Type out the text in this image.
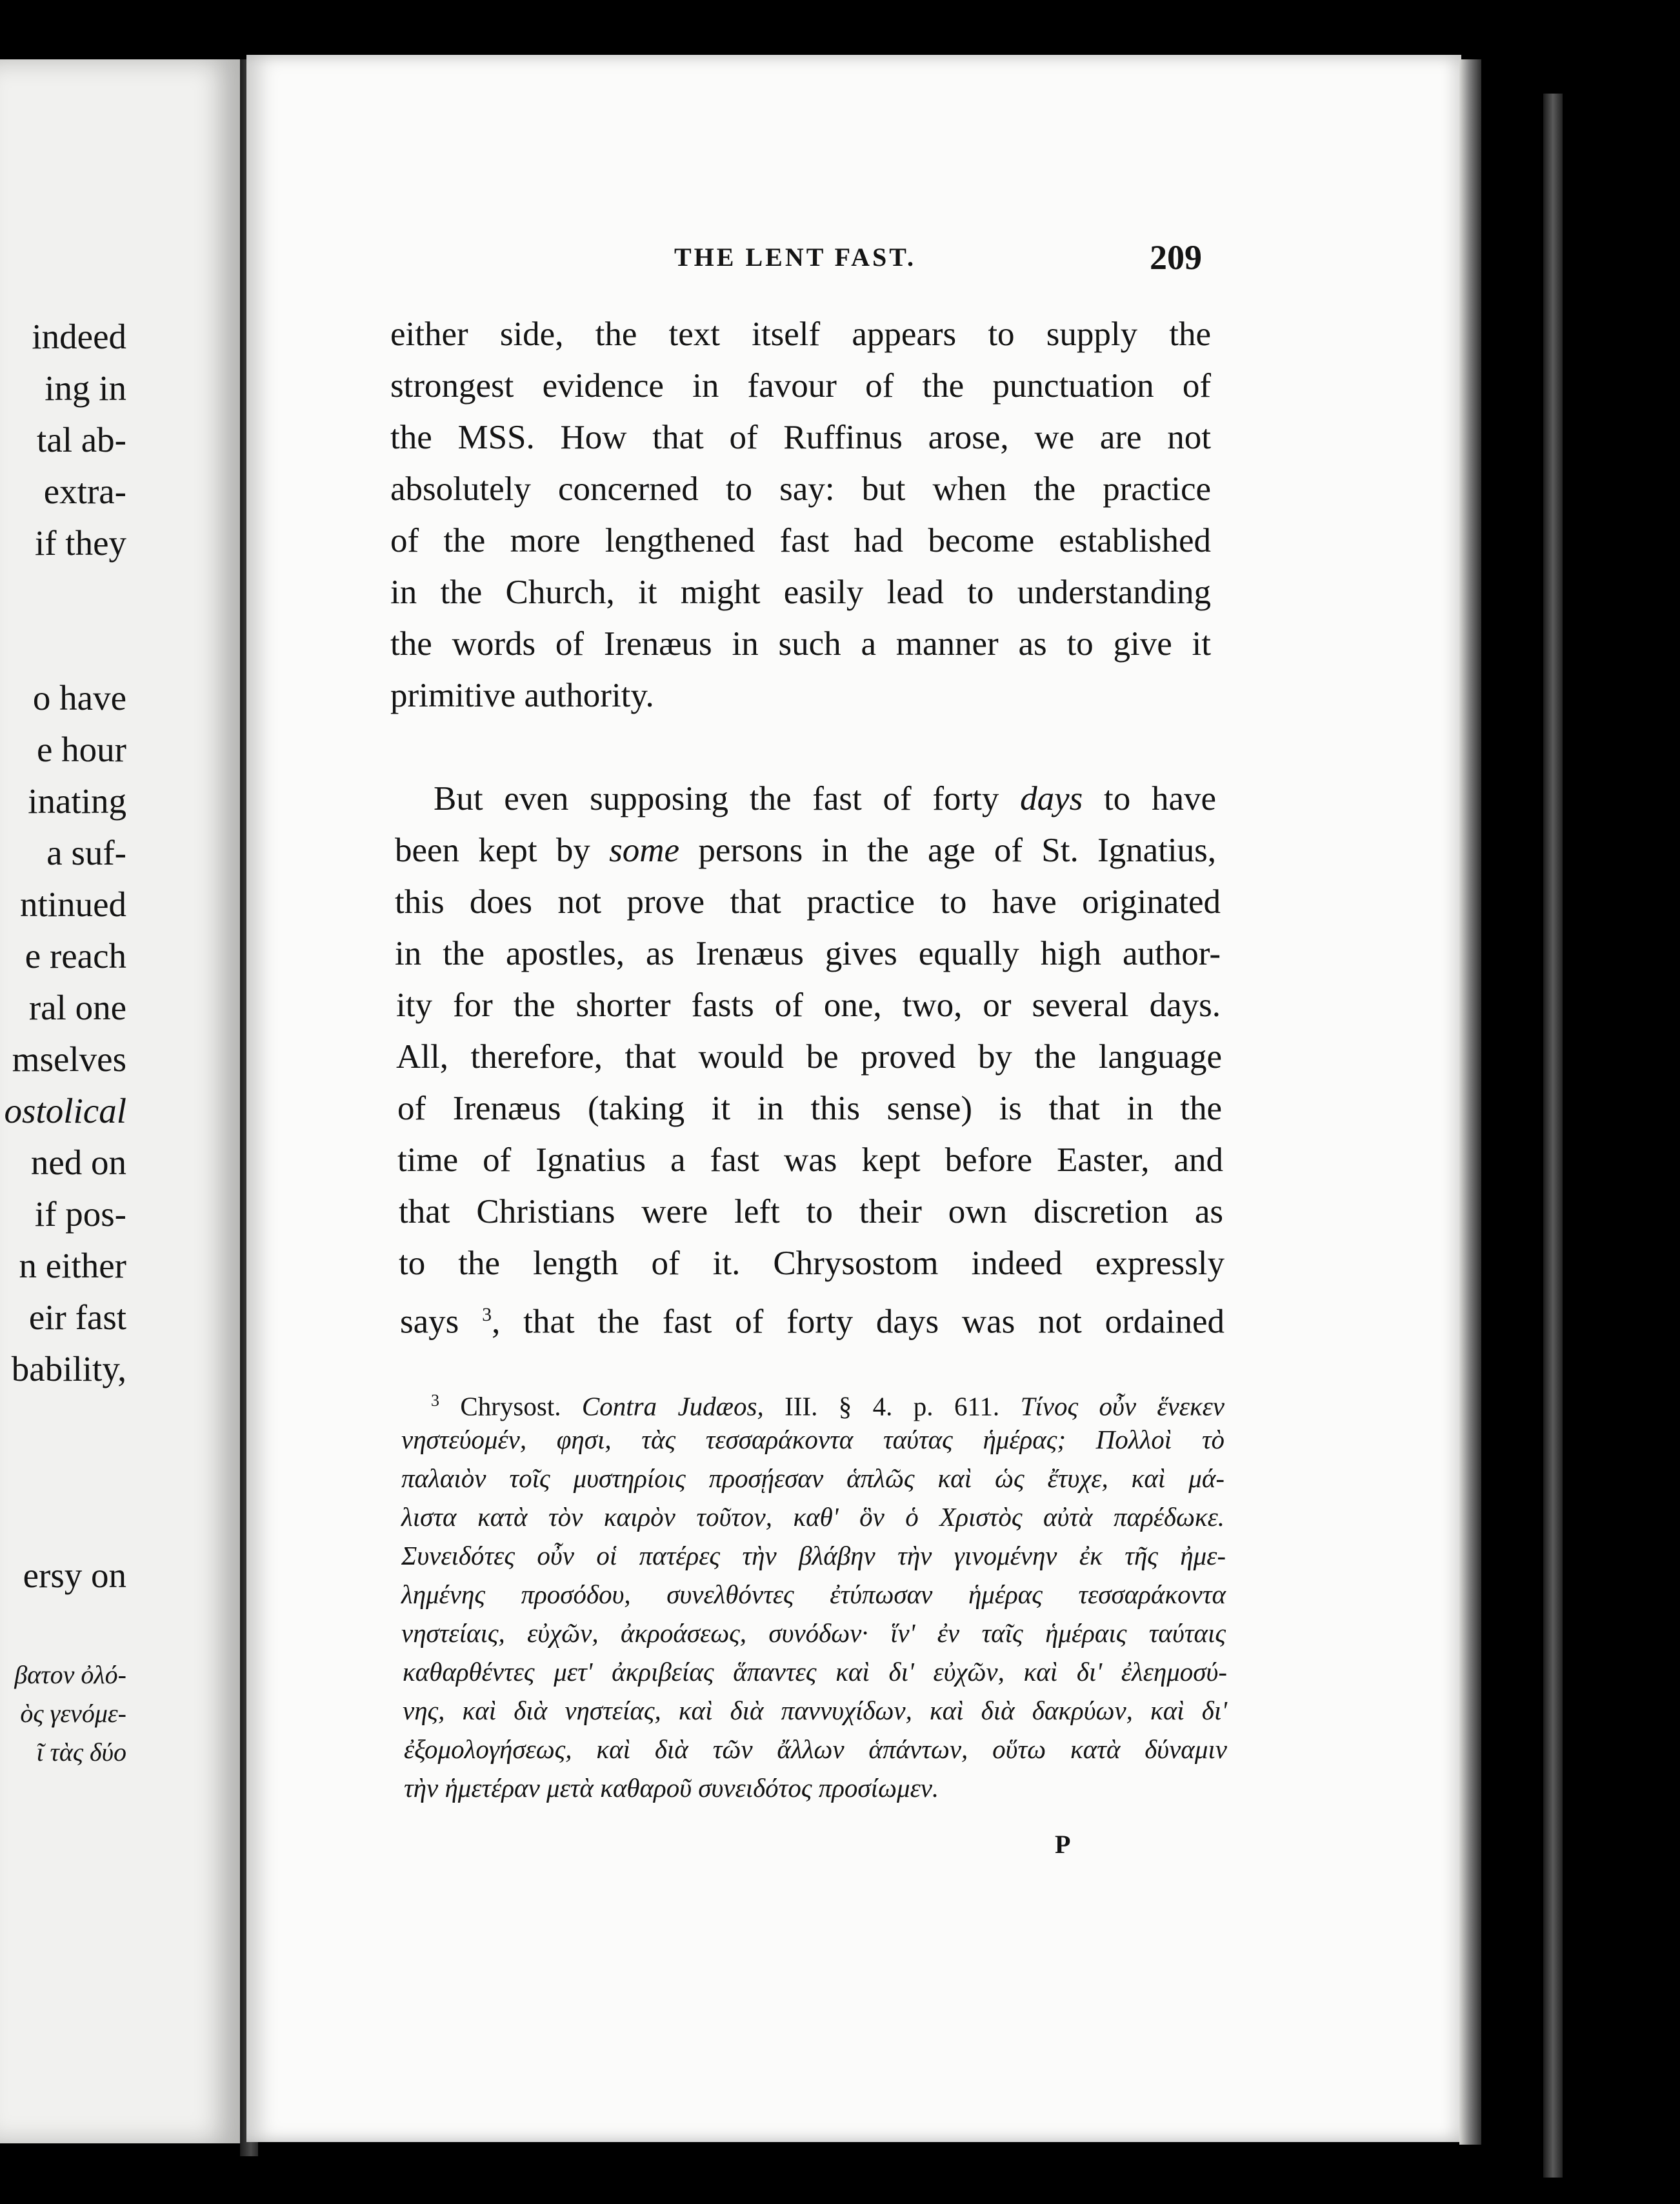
indeed
ing in
tal ab-
extra-
if they
o have
e hour
inating
a suf-
ntinued
e reach
ral one
mselves
ostolical
ned on
if pos-
n either
eir fast
bability,
ersy on
βατον ὀλό-
ὸς γενόμε-
ῖ τὰς δύο
THE LENT FAST.	209
either side, the text itself appears to supply the
strongest evidence in favour of the punctuation of
the MSS. How that of Ruffinus arose, we are not
absolutely concerned to say: but when the practice
of the more lengthened fast had become established
in the Church, it might easily lead to understanding
the words of Irenæus in such a manner as to give it
primitive authority.
But even supposing the fast of forty days to have
been kept by some persons in the age of St. Ignatius,
this does not prove that practice to have originated
in the apostles, as Irenæus gives equally high author-
ity for the shorter fasts of one, two, or several days.
All, therefore, that would be proved by the language
of Irenæus (taking it in this sense) is that in the
time of Ignatius a fast was kept before Easter, and
that Christians were left to their own discretion as
to the length of it. Chrysostom indeed expressly
says $^3$, that the fast of forty days was not ordained
$^3$ Chrysost. Contra Judæos, III. § 4. p. 611. Τίνος οὖν ἕνεκεν
νηστεύομέν, φησι, τὰς τεσσαράκοντα ταύτας ἡμέρας; Πολλοὶ τὸ
παλαιὸν τοῖς μυστηρίοις προσῄεσαν ἁπλῶς καὶ ὡς ἔτυχε, καὶ μά-
λιστα κατὰ τὸν καιρὸν τοῦτον, καθ' ὃν ὁ Χριστὸς αὐτὰ παρέδωκε.
Συνειδότες οὖν οἱ πατέρες τὴν βλάβην τὴν γινομένην ἐκ τῆς ἠμε-
λημένης προσόδου, συνελθόντες ἐτύπωσαν ἡμέρας τεσσαράκοντα
νηστείαις, εὐχῶν, ἀκροάσεως, συνόδων· ἵν' ἐν ταῖς ἡμέραις ταύταις
καθαρθέντες μετ' ἀκριβείας ἅπαντες καὶ δι' εὐχῶν, καὶ δι' ἐλεημοσύ-
νης, καὶ διὰ νηστείας, καὶ διὰ παννυχίδων, καὶ διὰ δακρύων, καὶ δι'
ἐξομολογήσεως, καὶ διὰ τῶν ἄλλων ἁπάντων, οὕτω κατὰ δύναμιν
τὴν ἡμετέραν μετὰ καθαροῦ συνειδότος προσίωμεν.
P
